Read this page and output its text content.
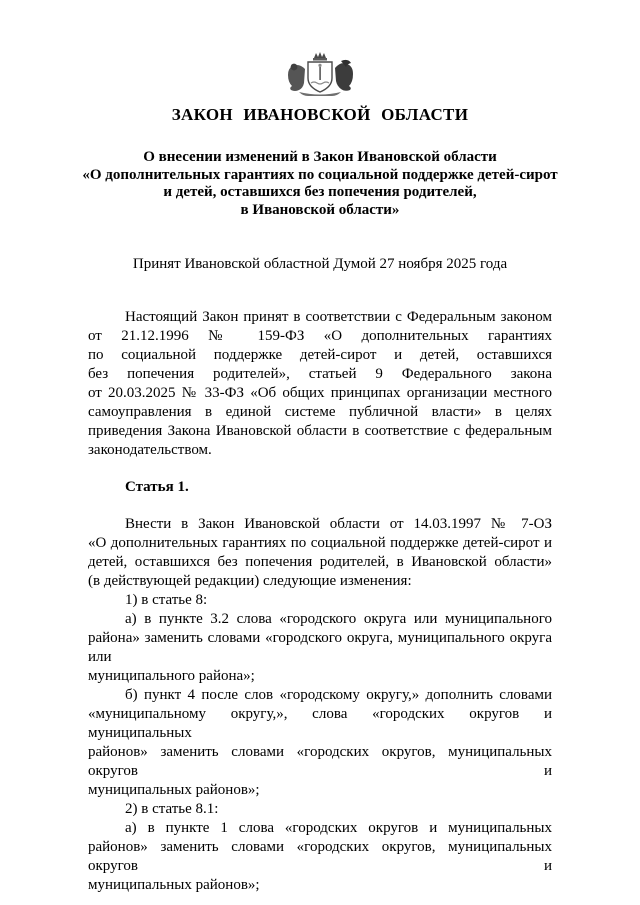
ЗАКОН ИВАНОВСКОЙ ОБЛАСТИ
О внесении изменений в Закон Ивановской области
«О дополнительных гарантиях по социальной поддержке детей-сирот
и детей, оставшихся без попечения родителей,
в Ивановской области»

Принят Ивановской областной Думой 27 ноября 2025 года

Настоящий Закон принят в соответствии с Федеральным законом
от 21.12.1996 № 159-ФЗ «О дополнительных гарантиях
по социальной поддержке детей-сирот и детей, оставшихся
без попечения родителей», статьей 9 Федерального закона
от 20.03.2025 № 33-ФЗ «Об общих принципах организации местного
самоуправления в единой системе публичной власти» в целях
приведения Закона Ивановской области в соответствие с федеральным
законодательством.
Статья 1.
Внести в Закон Ивановской области от 14.03.1997 № 7-ОЗ
«О дополнительных гарантиях по социальной поддержке детей-сирот и
детей, оставшихся без попечения родителей, в Ивановской области»
(в действующей редакции) следующие изменения:
1) в статье 8:
а) в пункте 3.2 слова «городского округа или муниципального
района» заменить словами «городского округа, муниципального округа или
муниципального района»;
б) пункт 4 после слов «городскому округу,» дополнить словами
«муниципальному округу,», слова «городских округов и муниципальных
районов» заменить словами «городских округов, муниципальных округов и
муниципальных районов»;
2) в статье 8.1:
а) в пункте 1 слова «городских округов и муниципальных
районов» заменить словами «городских округов, муниципальных округов и
муниципальных районов»;
